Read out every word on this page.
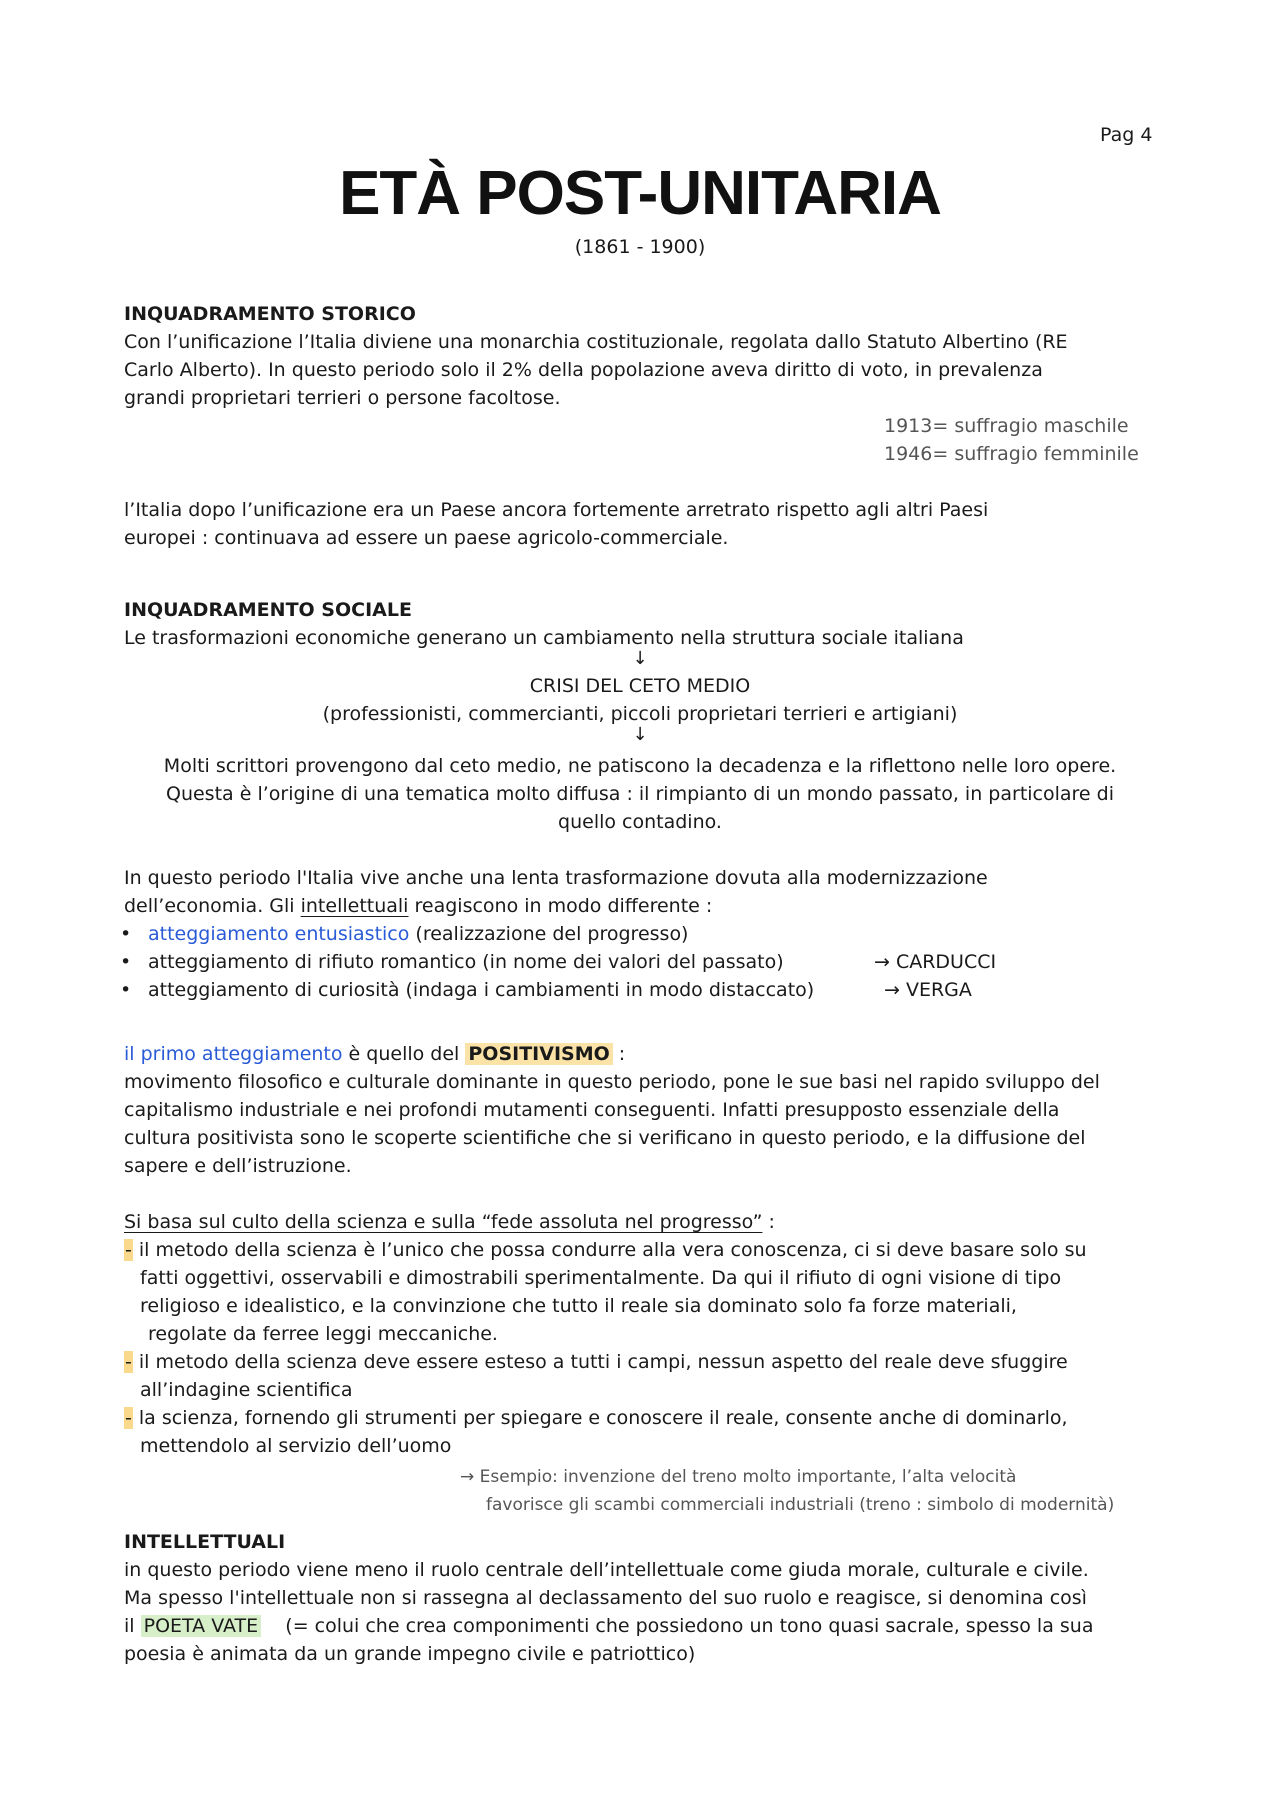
Pag 4
ETÀ POST-UNITARIA
(1861 - 1900)
INQUADRAMENTO STORICO
Con l’unificazione l’Italia diviene una monarchia costituzionale, regolata dallo Statuto Albertino (RE
Carlo Alberto). In questo periodo solo il 2% della popolazione aveva diritto di voto, in prevalenza
grandi proprietari terrieri o persone facoltose.
1913= suffragio maschile
1946= suffragio femminile
l’Italia dopo l’unificazione era un Paese ancora fortemente arretrato rispetto agli altri Paesi
europei : continuava ad essere un paese agricolo-commerciale.
INQUADRAMENTO SOCIALE
Le trasformazioni economiche generano un cambiamento nella struttura sociale italiana
↓
CRISI DEL CETO MEDIO
(professionisti, commercianti, piccoli proprietari terrieri e artigiani)
↓
Molti scrittori provengono dal ceto medio, ne patiscono la decadenza e la riflettono nelle loro opere.
Questa è l’origine di una tematica molto diffusa : il rimpianto di un mondo passato, in particolare di
quello contadino.
In questo periodo l'Italia vive anche una lenta trasformazione dovuta alla modernizzazione
dell’economia. Gli intellettuali reagiscono in modo differente :
• atteggiamento entusiastico (realizzazione del progresso)
• atteggiamento di rifiuto romantico (in nome dei valori del passato)	→ CARDUCCI
• atteggiamento di curiosità (indaga i cambiamenti in modo distaccato)	→ VERGA
il primo atteggiamento è quello del POSITIVISMO :
movimento filosofico e culturale dominante in questo periodo, pone le sue basi nel rapido sviluppo del
capitalismo industriale e nei profondi mutamenti conseguenti. Infatti presupposto essenziale della
cultura positivista sono le scoperte scientifiche che si verificano in questo periodo, e la diffusione del
sapere e dell’istruzione.
Si basa sul culto della scienza e sulla “fede assoluta nel progresso” :
- il metodo della scienza è l’unico che possa condurre alla vera conoscenza, ci si deve basare solo su
fatti oggettivi, osservabili e dimostrabili sperimentalmente. Da qui il rifiuto di ogni visione di tipo
religioso e idealistico, e la convinzione che tutto il reale sia dominato solo fa forze materiali,
regolate da ferree leggi meccaniche.
- il metodo della scienza deve essere esteso a tutti i campi, nessun aspetto del reale deve sfuggire
all’indagine scientifica
- la scienza, fornendo gli strumenti per spiegare e conoscere il reale, consente anche di dominarlo,
mettendolo al servizio dell’uomo
→ Esempio: invenzione del treno molto importante, l’alta velocità
favorisce gli scambi commerciali industriali (treno : simbolo di modernità)
INTELLETTUALI
in questo periodo viene meno il ruolo centrale dell’intellettuale come giuda morale, culturale e civile.
Ma spesso l'intellettuale non si rassegna al declassamento del suo ruolo e reagisce, si denomina così
il POETA VATE    (= colui che crea componimenti che possiedono un tono quasi sacrale, spesso la sua
poesia è animata da un grande impegno civile e patriottico)
